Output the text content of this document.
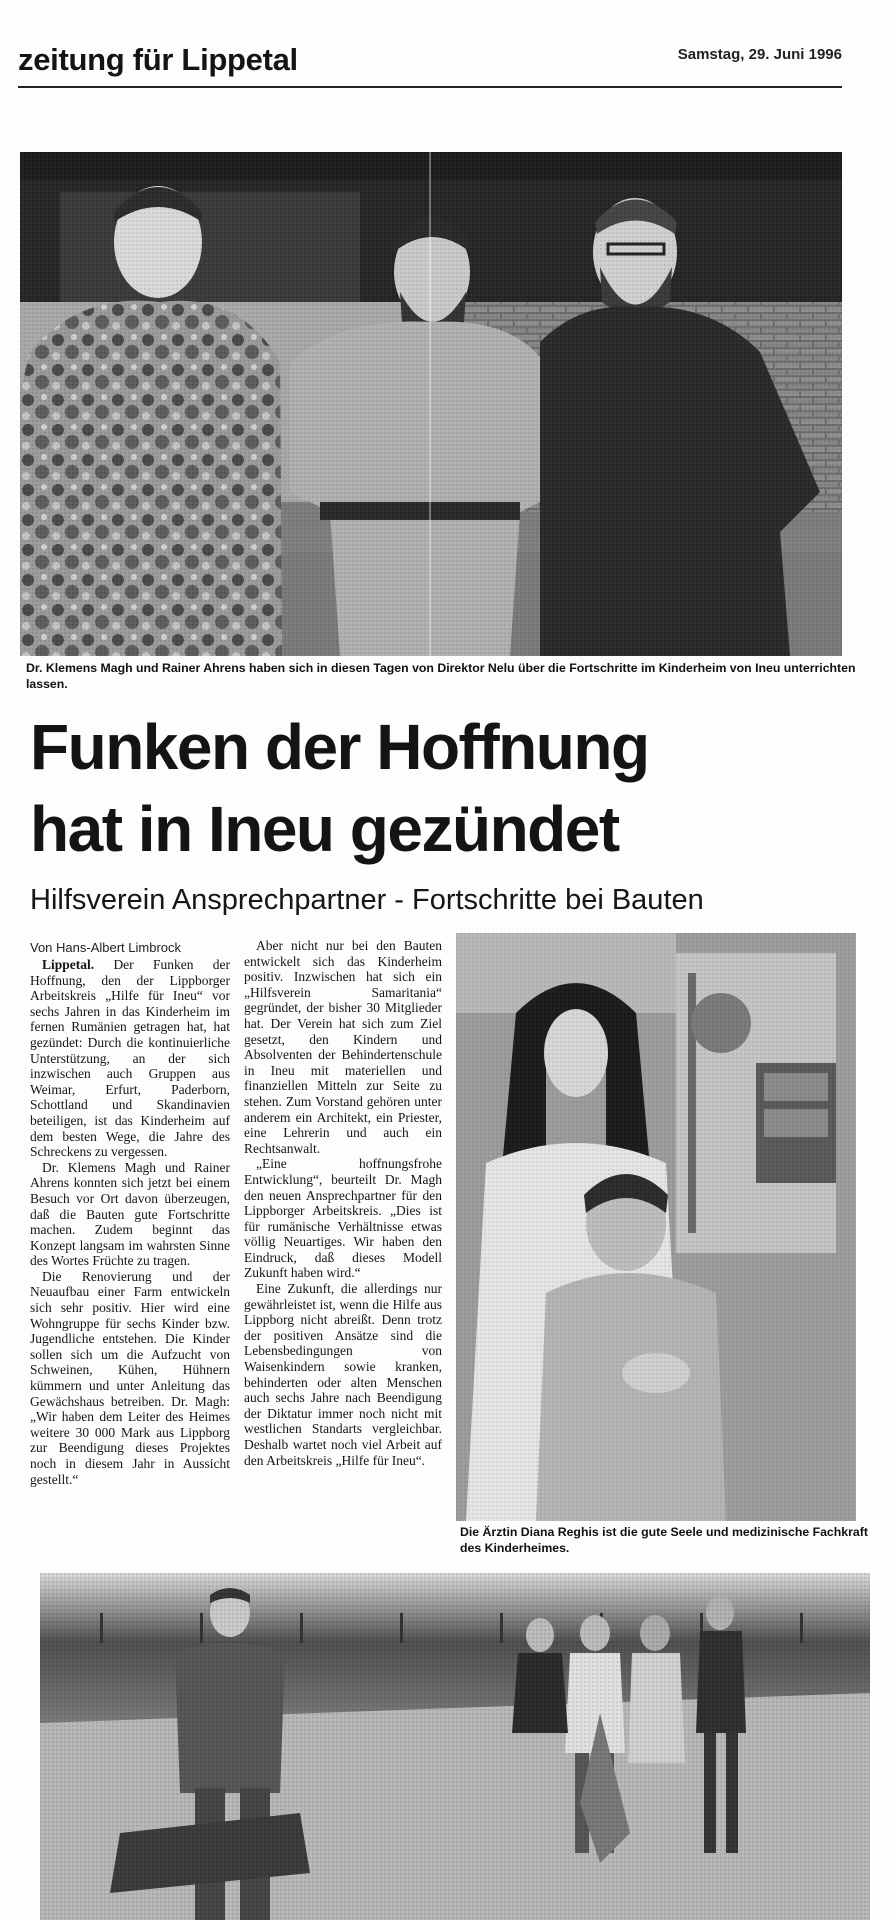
zeitung für Lippetal	Samstag, 29. Juni 1996
Dr. Klemens Magh und Rainer Ahrens haben sich in diesen Tagen von Direktor Nelu über die Fortschritte im Kinderheim von Ineu unterrichten lassen.
Funken der Hoffnung
hat in Ineu gezündet
Hilfsverein Ansprechpartner - Fortschritte bei Bauten
Von Hans-Albert Limbrock

Lippetal. Der Funken der Hoffnung, den der Lippborger Arbeitskreis „Hilfe für Ineu“ vor sechs Jahren in das Kinderheim im fernen Rumänien getragen hat, hat gezündet: Durch die kontinuierliche Unterstützung, an der sich inzwischen auch Gruppen aus Weimar, Erfurt, Paderborn, Schottland und Skandinavien beteiligen, ist das Kinderheim auf dem besten Wege, die Jahre des Schreckens zu vergessen.

Dr. Klemens Magh und Rainer Ahrens konnten sich jetzt bei einem Besuch vor Ort davon überzeugen, daß die Bauten gute Fortschritte machen. Zudem beginnt das Konzept langsam im wahrsten Sinne des Wortes Früchte zu tragen.

Die Renovierung und der Neuaufbau einer Farm entwickeln sich sehr positiv. Hier wird eine Wohngruppe für sechs Kinder bzw. Jugendliche entstehen. Die Kinder sollen sich um die Aufzucht von Schweinen, Kühen, Hühnern kümmern und unter Anleitung das Gewächshaus betreiben. Dr. Magh: „Wir haben dem Leiter des Heimes weitere 30 000 Mark aus Lippborg zur Beendigung dieses Projektes noch in diesem Jahr in Aussicht gestellt.“

Aber nicht nur bei den Bauten entwickelt sich das Kinderheim positiv. Inzwischen hat sich ein „Hilfsverein Samaritania“ gegründet, der bisher 30 Mitglieder hat. Der Verein hat sich zum Ziel gesetzt, den Kindern und Absolventen der Behindertenschule in Ineu mit materiellen und finanziellen Mitteln zur Seite zu stehen. Zum Vorstand gehören unter anderem ein Architekt, ein Priester, eine Lehrerin und auch ein Rechtsanwalt.

„Eine hoffnungsfrohe Entwicklung“, beurteilt Dr. Magh den neuen Ansprechpartner für den Lippborger Arbeitskreis. „Dies ist für rumänische Verhältnisse etwas völlig Neuartiges. Wir haben den Eindruck, daß dieses Modell Zukunft haben wird.“

Eine Zukunft, die allerdings nur gewährleistet ist, wenn die Hilfe aus Lippborg nicht abreißt. Denn trotz der positiven Ansätze sind die Lebensbedingungen von Waisenkindern sowie kranken, behinderten oder alten Menschen auch sechs Jahre nach Beendigung der Diktatur immer noch nicht mit westlichen Standarts vergleichbar. Deshalb wartet noch viel Arbeit auf den Arbeitskreis „Hilfe für Ineu“.

Die Ärztin Diana Reghis ist die gute Seele und medizinische Fachkraft des Kinderheimes.
